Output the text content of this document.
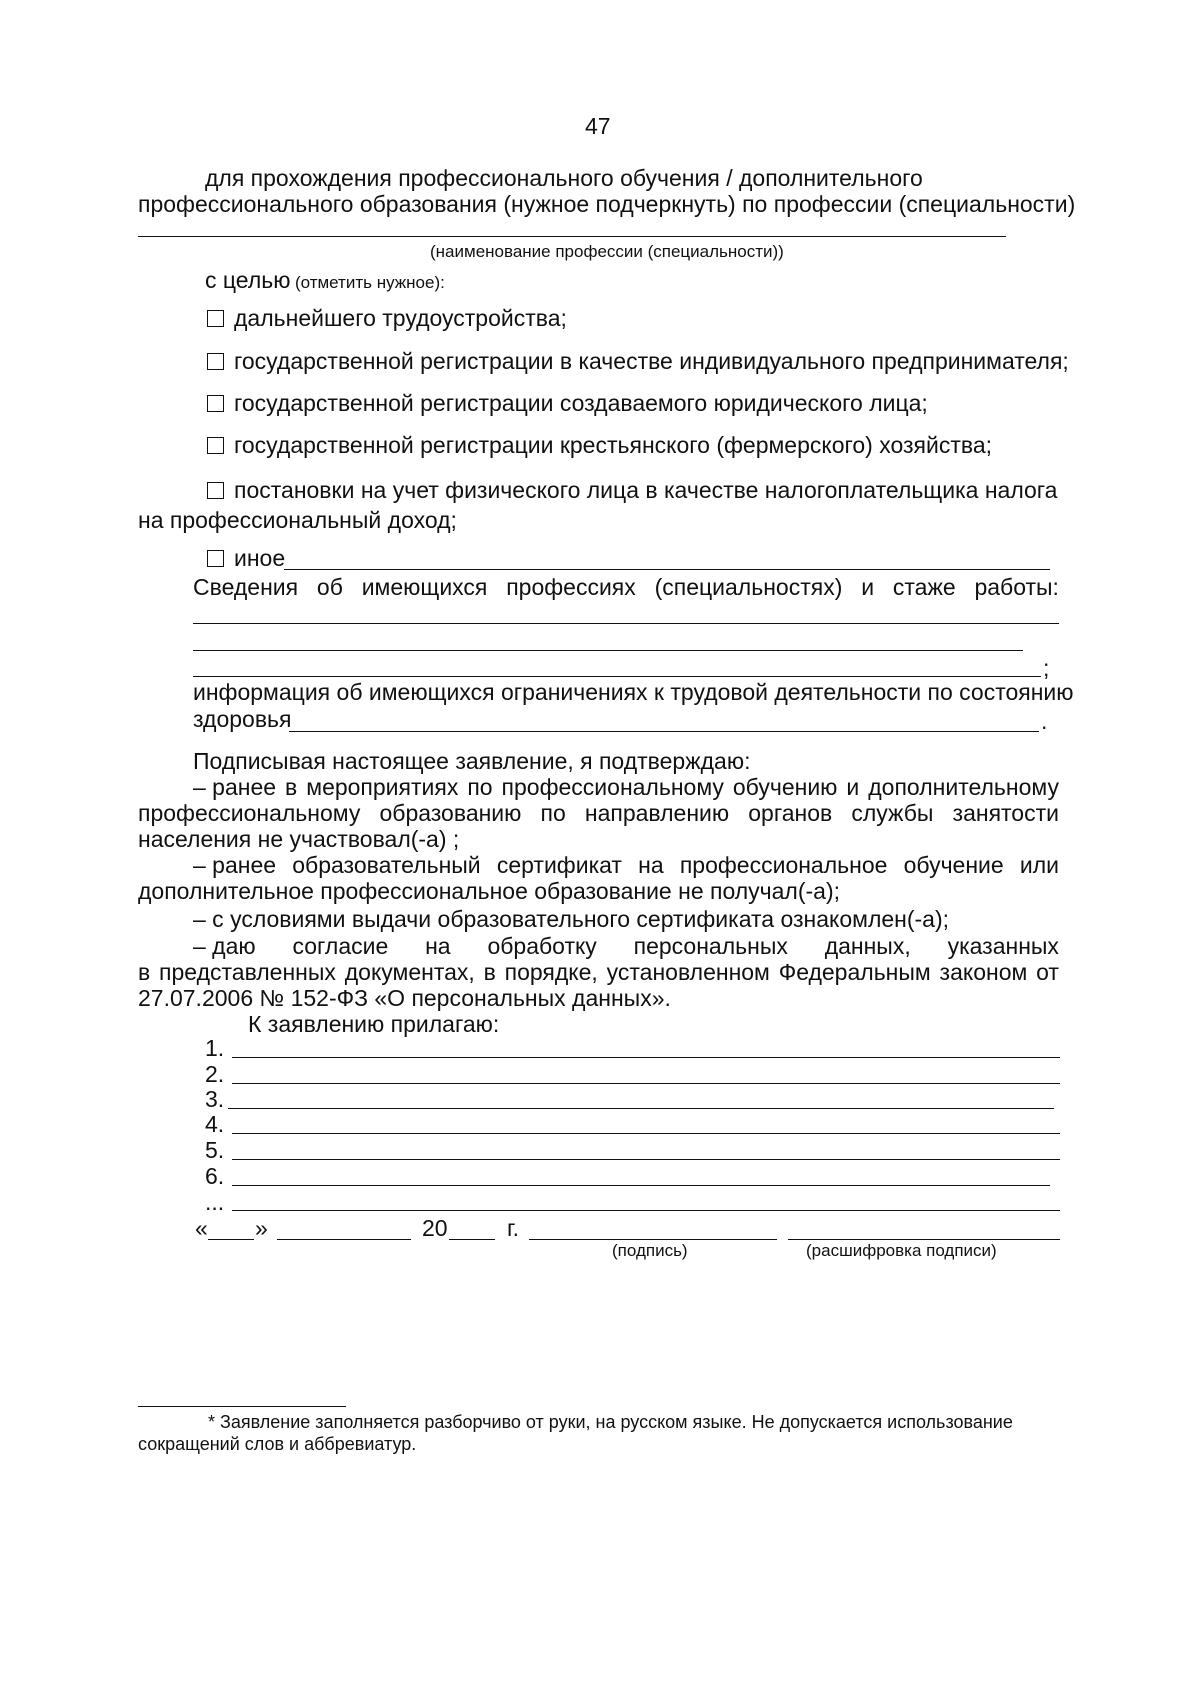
47
для прохождения профессионального обучения / дополнительного
профессионального образования (нужное подчеркнуть) по профессии (специальности)
(наименование профессии (специальности))
с целью (отметить нужное):
дальнейшего трудоустройства;
государственной регистрации в качестве индивидуального предпринимателя;
государственной регистрации создаваемого юридического лица;
государственной регистрации крестьянского (фермерского) хозяйства;
постановки на учет физического лица в качестве налогоплательщика налога
на профессиональный доход;
иное
Сведения об имеющихся профессиях (специальностях) и стаже работы:
;
информация об имеющихся ограничениях к трудовой деятельности по состоянию
здоровья	.
Подписывая настоящее заявление, я подтверждаю:
– ранее в мероприятиях по профессиональному обучению и дополнительному
профессиональному образованию по направлению органов службы занятости
населения не участвовал(-а) ;
– ранее образовательный сертификат на профессиональное обучение или
дополнительное профессиональное образование не получал(-а);
– с условиями выдачи образовательного сертификата ознакомлен(-а);
– даю согласие на обработку персональных данных, указанных
в представленных документах, в порядке, установленном Федеральным законом от
27.07.2006 № 152-ФЗ «О персональных данных».
К заявлению прилагаю:
1.
2.
3.
4.
5.
6.
...
« »	20	г.
(подпись)	(расшифровка подписи)
* Заявление заполняется разборчиво от руки, на русском языке. Не допускается использование
сокращений слов и аббревиатур.
